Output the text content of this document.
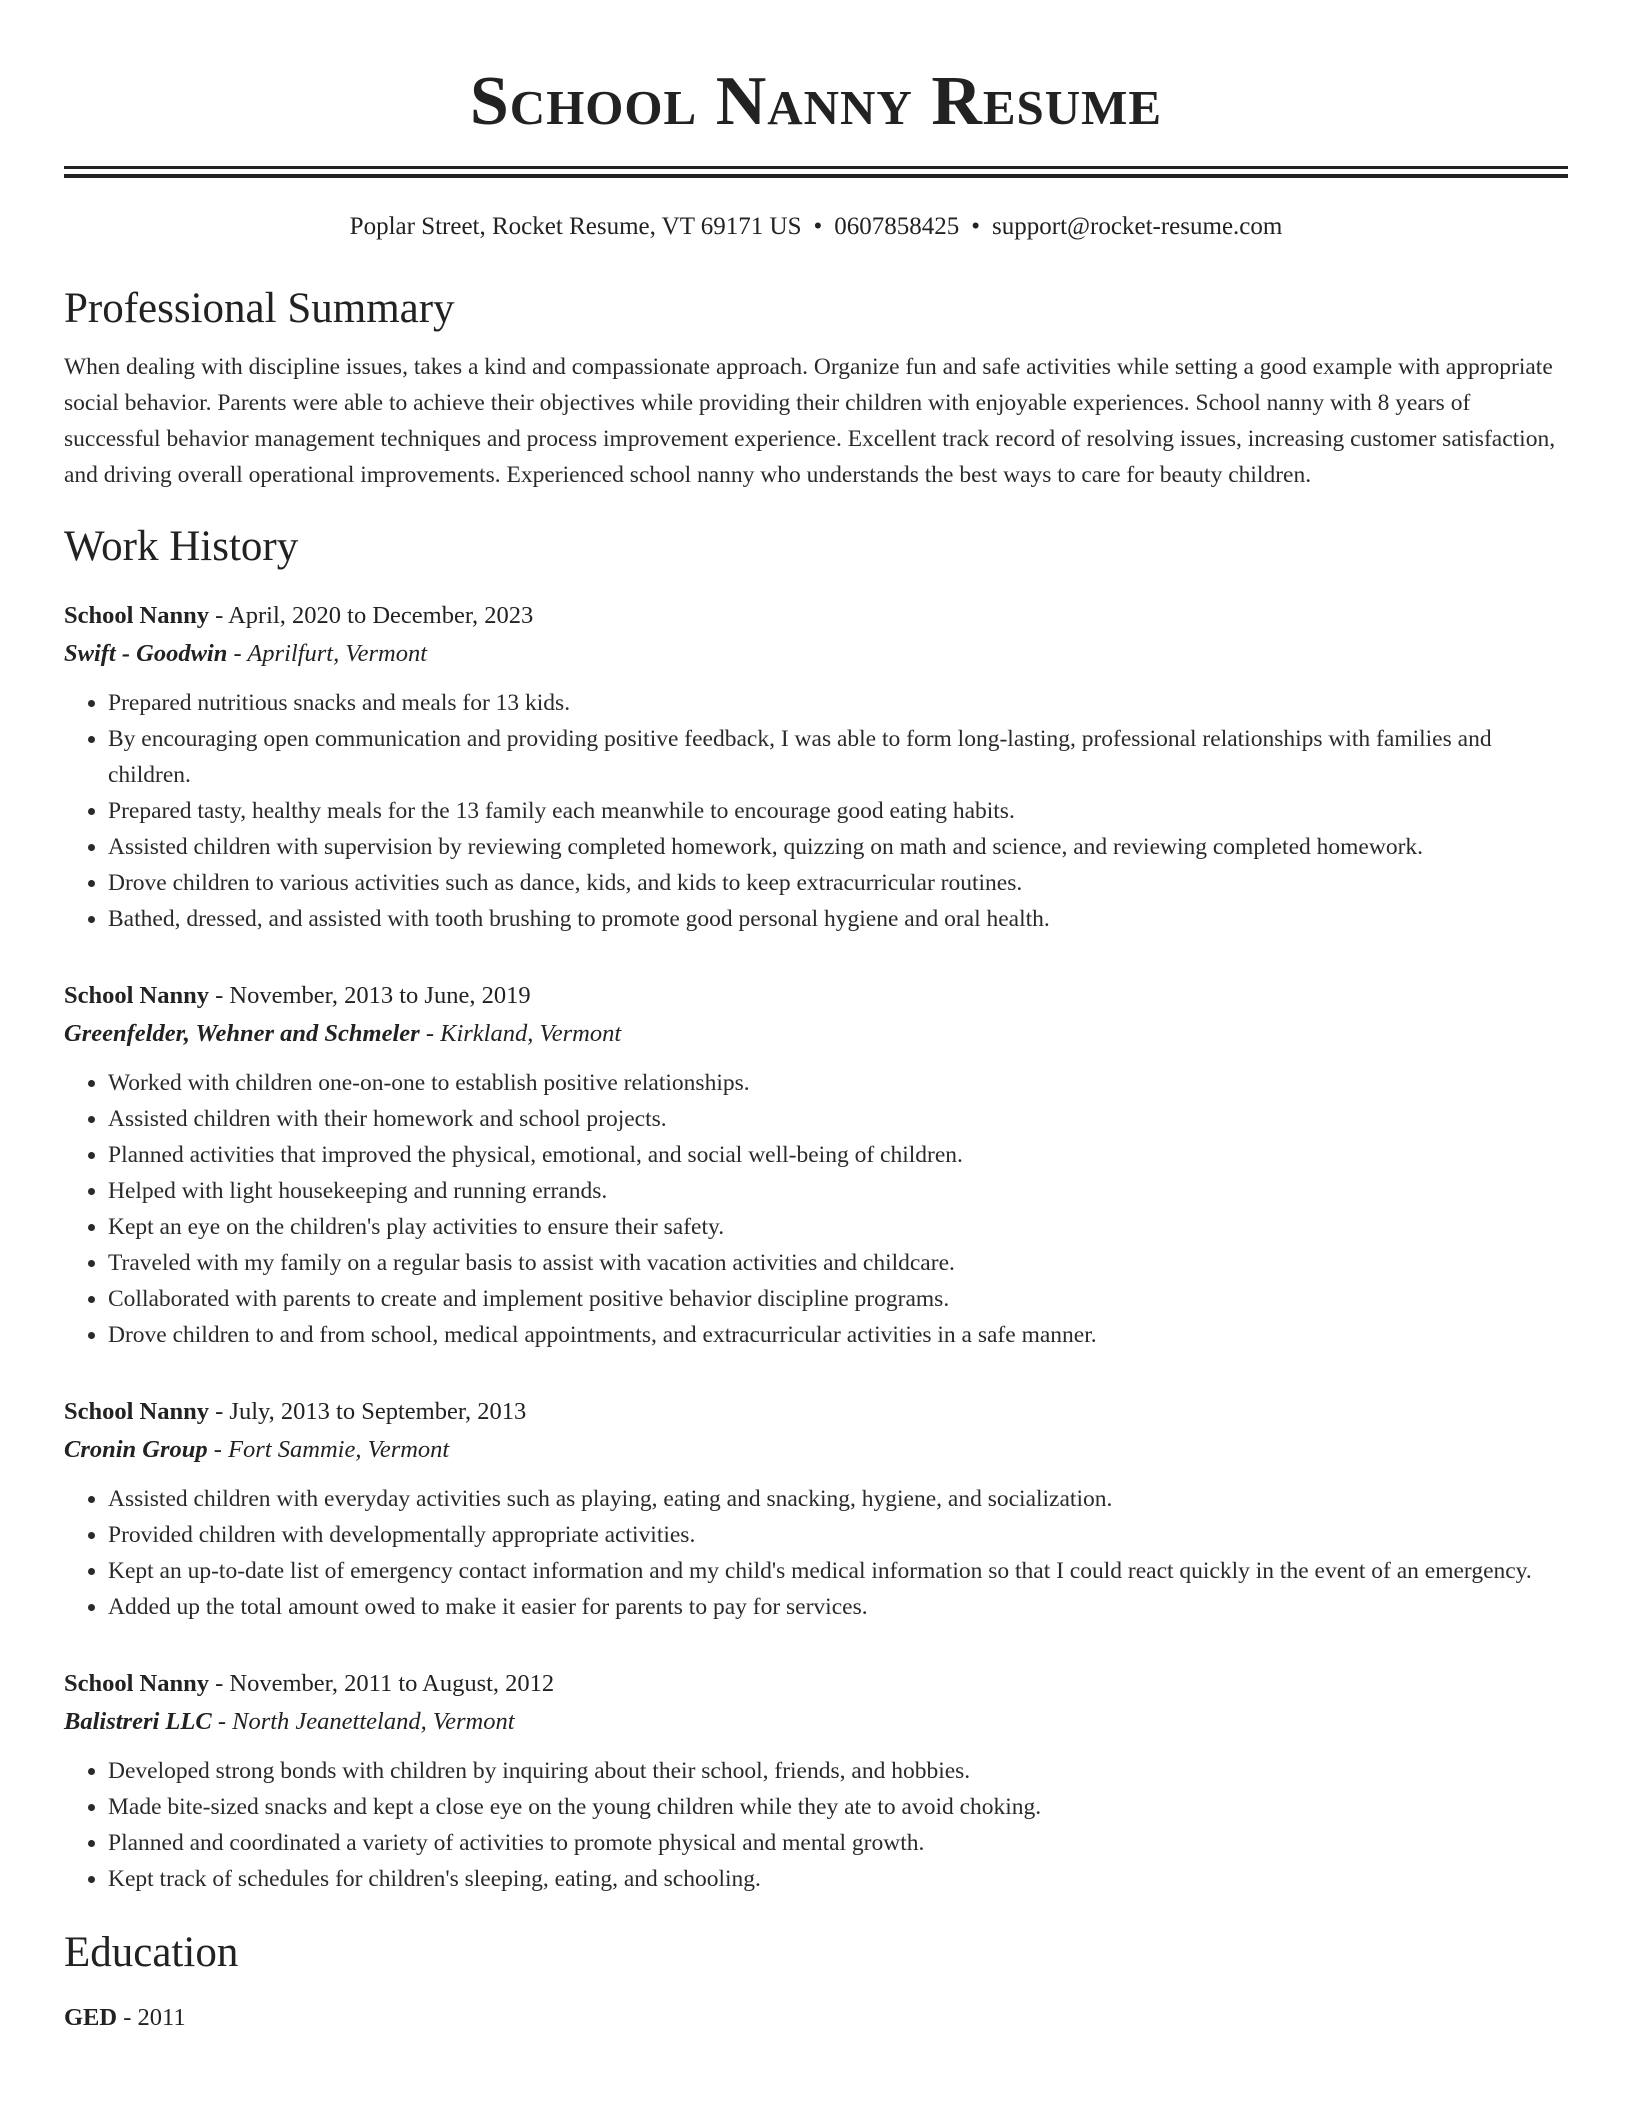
School Nanny Resume
Poplar Street, Rocket Resume, VT 69171 US • 0607858425 • support@rocket-resume.com
Professional Summary

When dealing with discipline issues, takes a kind and compassionate approach. Organize fun and safe activities while setting a good example with appropriate social behavior. Parents were able to achieve their objectives while providing their children with enjoyable experiences. School nanny with 8 years of successful behavior management techniques and process improvement experience. Excellent track record of resolving issues, increasing customer satisfaction, and driving overall operational improvements. Experienced school nanny who understands the best ways to care for beauty children.

Work History
School Nanny - April, 2020 to December, 2023
Swift - Goodwin - Aprilfurt, Vermont
• Prepared nutritious snacks and meals for 13 kids.
• By encouraging open communication and providing positive feedback, I was able to form long-lasting, professional relationships with families and children.
• Prepared tasty, healthy meals for the 13 family each meanwhile to encourage good eating habits.
• Assisted children with supervision by reviewing completed homework, quizzing on math and science, and reviewing completed homework.
• Drove children to various activities such as dance, kids, and kids to keep extracurricular routines.
• Bathed, dressed, and assisted with tooth brushing to promote good personal hygiene and oral health.
School Nanny - November, 2013 to June, 2019
Greenfelder, Wehner and Schmeler - Kirkland, Vermont
• Worked with children one-on-one to establish positive relationships.
• Assisted children with their homework and school projects.
• Planned activities that improved the physical, emotional, and social well-being of children.
• Helped with light housekeeping and running errands.
• Kept an eye on the children's play activities to ensure their safety.
• Traveled with my family on a regular basis to assist with vacation activities and childcare.
• Collaborated with parents to create and implement positive behavior discipline programs.
• Drove children to and from school, medical appointments, and extracurricular activities in a safe manner.
School Nanny - July, 2013 to September, 2013
Cronin Group - Fort Sammie, Vermont
• Assisted children with everyday activities such as playing, eating and snacking, hygiene, and socialization.
• Provided children with developmentally appropriate activities.
• Kept an up-to-date list of emergency contact information and my child's medical information so that I could react quickly in the event of an emergency.
• Added up the total amount owed to make it easier for parents to pay for services.
School Nanny - November, 2011 to August, 2012
Balistreri LLC - North Jeanetteland, Vermont
• Developed strong bonds with children by inquiring about their school, friends, and hobbies.
• Made bite-sized snacks and kept a close eye on the young children while they ate to avoid choking.
• Planned and coordinated a variety of activities to promote physical and mental growth.
• Kept track of schedules for children's sleeping, eating, and schooling.
Education
GED - 2011
